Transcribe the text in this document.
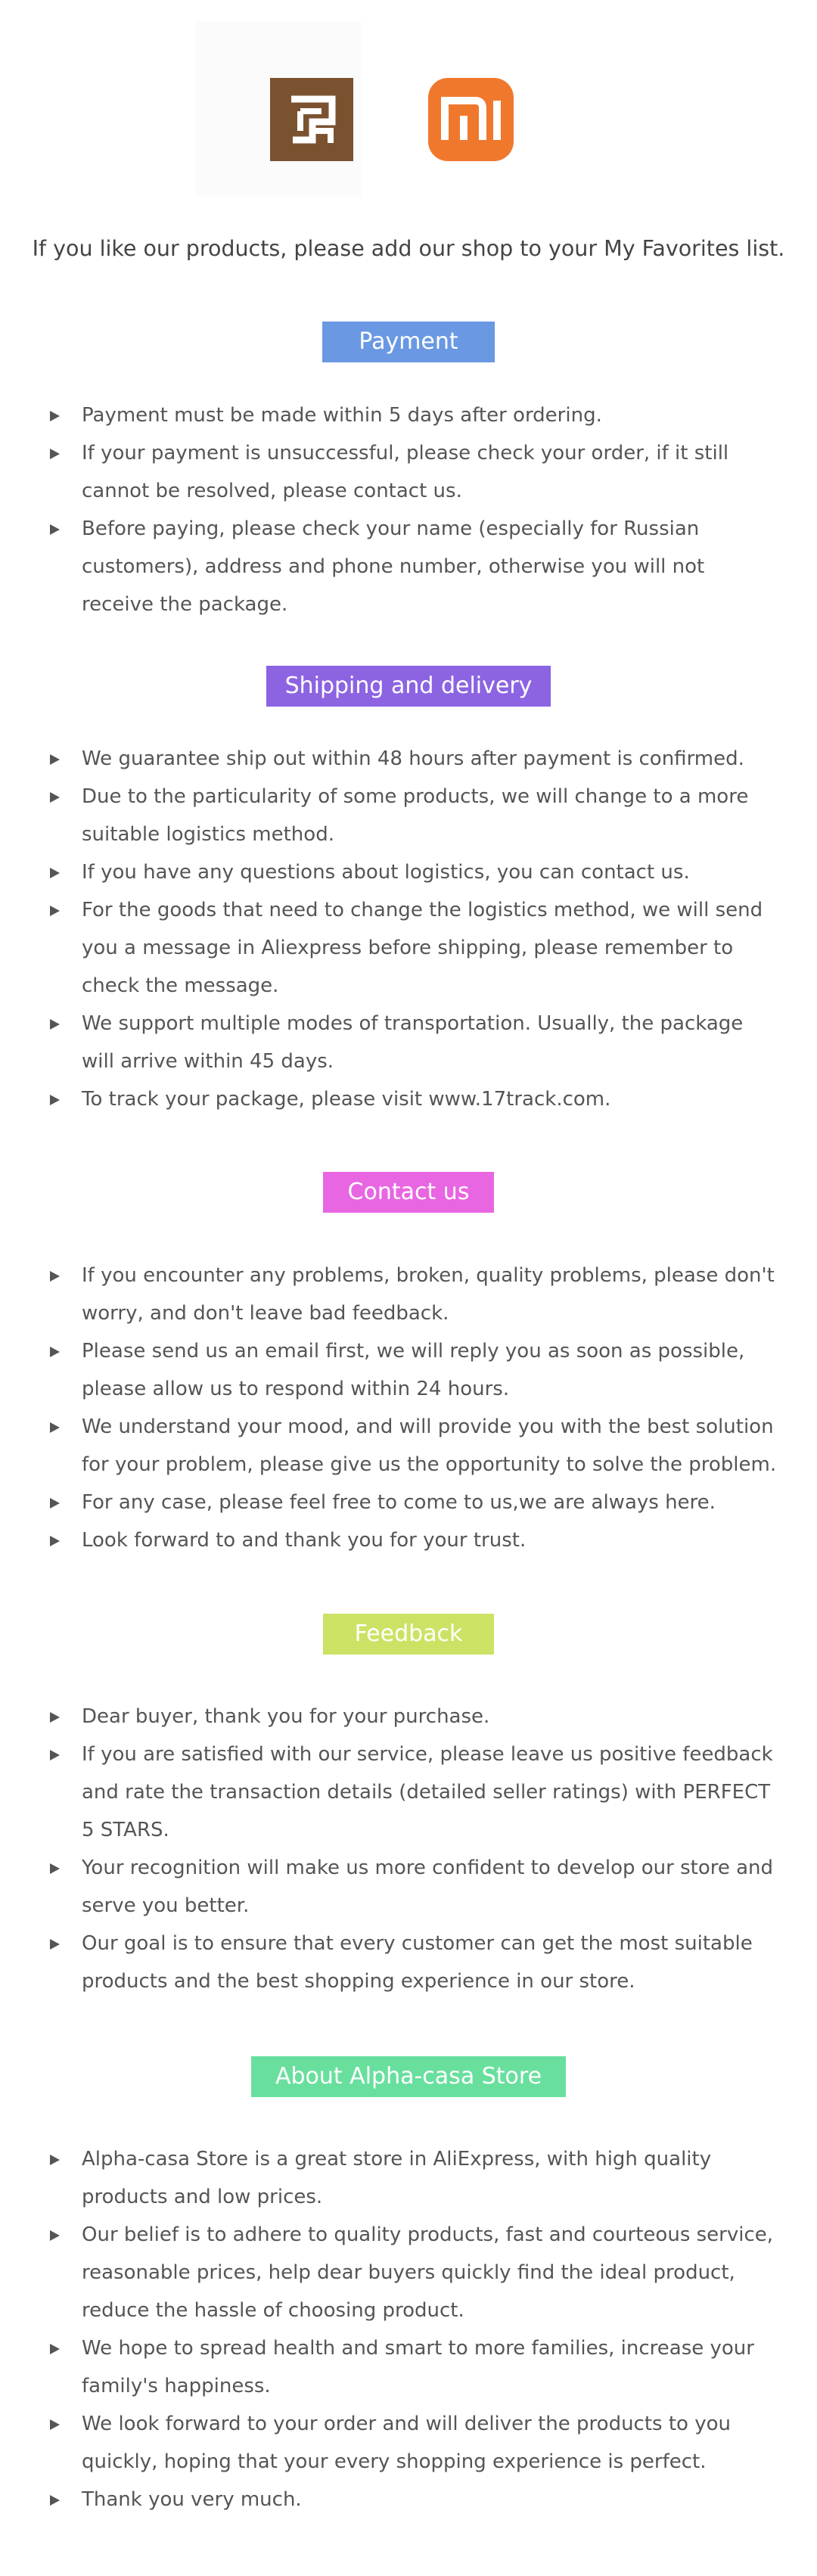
If you like our products, please add our shop to your My Favorites list.
Payment
Payment must be made within 5 days after ordering.
If your payment is unsuccessful, please check your order, if it still cannot be resolved, please contact us.
Before paying, please check your name (especially for Russian customers), address and phone number, otherwise you will not receive the package.
Shipping and delivery
We guarantee ship out within 48 hours after payment is confirmed.
Due to the particularity of some products, we will change to a more suitable logistics method.
If you have any questions about logistics, you can contact us.
For the goods that need to change the logistics method, we will send you a message in Aliexpress before shipping, please remember to check the message.
We support multiple modes of transportation. Usually, the package will arrive within 45 days.
To track your package, please visit www.17track.com.
Contact us
If you encounter any problems, broken, quality problems, please don't worry, and don't leave bad feedback.
Please send us an email first, we will reply you as soon as possible, please allow us to respond within 24 hours.
We understand your mood, and will provide you with the best solution for your problem, please give us the opportunity to solve the problem.
For any case, please feel free to come to us,we are always here.
Look forward to and thank you for your trust.
Feedback
Dear buyer, thank you for your purchase.
If you are satisfied with our service, please leave us positive feedback and rate the transaction details (detailed seller ratings) with PERFECT 5 STARS.
Your recognition will make us more confident to develop our store and serve you better.
Our goal is to ensure that every customer can get the most suitable products and the best shopping experience in our store.
About Alpha-casa Store
Alpha-casa Store is a great store in AliExpress, with high quality products and low prices.
Our belief is to adhere to quality products, fast and courteous service, reasonable prices, help dear buyers quickly find the ideal product, reduce the hassle of choosing product.
We hope to spread health and smart to more families, increase your family's happiness.
We look forward to your order and will deliver the products to you quickly, hoping that your every shopping experience is perfect.
Thank you very much.
